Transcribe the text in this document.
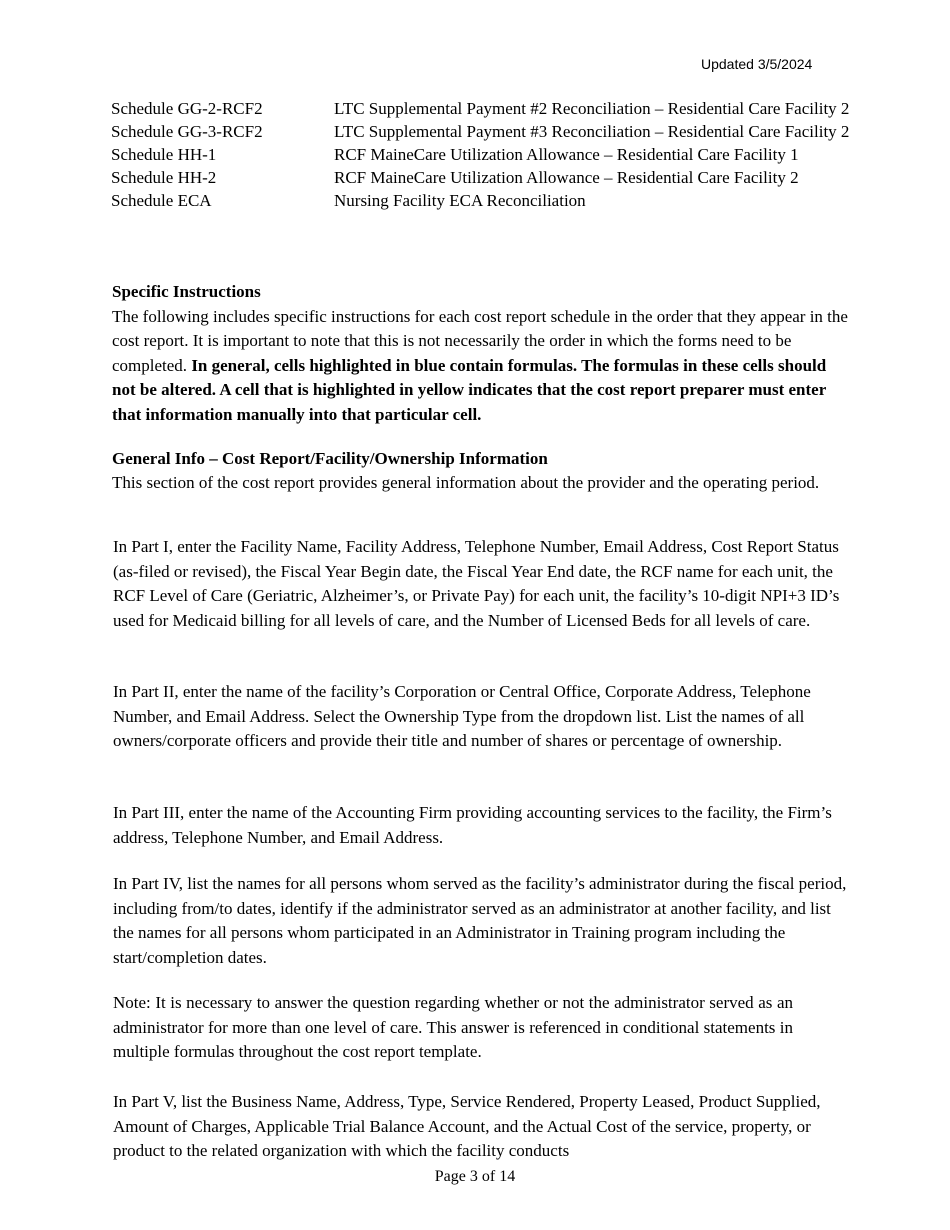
Updated 3/5/2024
Schedule GG-2-RCF2	LTC Supplemental Payment #2 Reconciliation – Residential Care Facility 2
Schedule GG-3-RCF2	LTC Supplemental Payment #3 Reconciliation – Residential Care Facility 2
Schedule HH-1	RCF MaineCare Utilization Allowance – Residential Care Facility 1
Schedule HH-2	RCF MaineCare Utilization Allowance – Residential Care Facility 2
Schedule ECA	Nursing Facility ECA Reconciliation
Specific Instructions
The following includes specific instructions for each cost report schedule in the order that they appear in the cost report. It is important to note that this is not necessarily the order in which the forms need to be completed. In general, cells highlighted in blue contain formulas. The formulas in these cells should not be altered. A cell that is highlighted in yellow indicates that the cost report preparer must enter that information manually into that particular cell.
General Info – Cost Report/Facility/Ownership Information
This section of the cost report provides general information about the provider and the operating period.
In Part I, enter the Facility Name, Facility Address, Telephone Number, Email Address, Cost Report Status (as-filed or revised), the Fiscal Year Begin date, the Fiscal Year End date, the RCF name for each unit, the RCF Level of Care (Geriatric, Alzheimer’s, or Private Pay) for each unit, the facility’s 10-digit NPI+3 ID’s used for Medicaid billing for all levels of care, and the Number of Licensed Beds for all levels of care.
In Part II, enter the name of the facility’s Corporation or Central Office, Corporate Address, Telephone Number, and Email Address. Select the Ownership Type from the dropdown list. List the names of all owners/corporate officers and provide their title and number of shares or percentage of ownership.
In Part III, enter the name of the Accounting Firm providing accounting services to the facility, the Firm’s address, Telephone Number, and Email Address.
In Part IV, list the names for all persons whom served as the facility’s administrator during the fiscal period, including from/to dates, identify if the administrator served as an administrator at another facility, and list the names for all persons whom participated in an Administrator in Training program including the start/completion dates.
Note: It is necessary to answer the question regarding whether or not the administrator served as an administrator for more than one level of care. This answer is referenced in conditional statements in multiple formulas throughout the cost report template.
In Part V, list the Business Name, Address, Type, Service Rendered, Property Leased, Product Supplied, Amount of Charges, Applicable Trial Balance Account, and the Actual Cost of the service, property, or product to the related organization with which the facility conducts
Page 3 of 14
